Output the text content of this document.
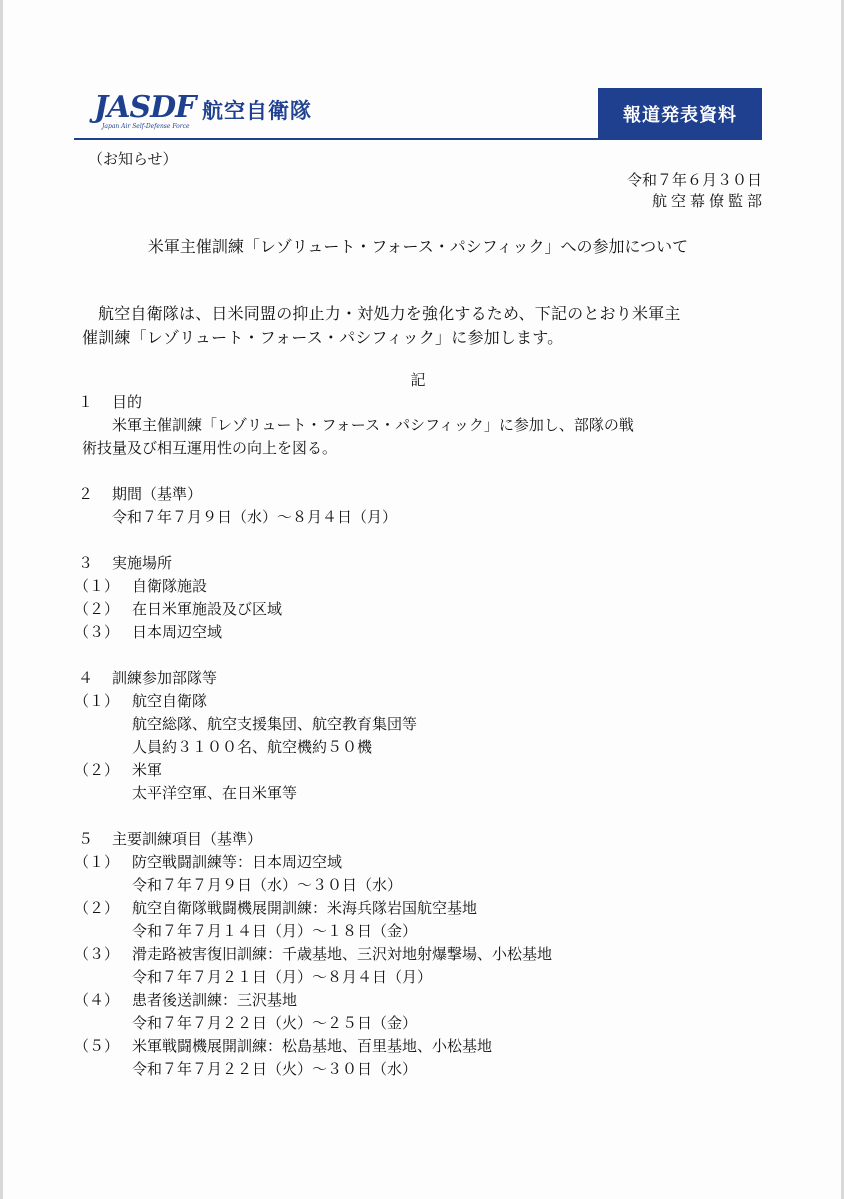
JASDF
Japan Air Self-Defense Force
航空自衛隊	報道発表資料
（お知らせ）
令和７年６月３０日
航空幕僚監部
米軍主催訓練「レゾリュート・フォース・パシフィック」への参加について

航空自衛隊は、日米同盟の抑止力・対処力を強化するため、下記のとおり米軍主

催訓練「レゾリュート・フォース・パシフィック」に参加します。
記
１ 目的
米軍主催訓練「レゾリュート・フォース・パシフィック」に参加し、部隊の戦
術技量及び相互運用性の向上を図る。
２ 期間（基準）
令和７年７月９日（水）～８月４日（月）
３ 実施場所
（１） 自衛隊施設
（２） 在日米軍施設及び区域
（３） 日本周辺空域
４ 訓練参加部隊等
（１） 航空自衛隊
航空総隊、航空支援集団、航空教育集団等
人員約３１００名、航空機約５０機
（２） 米軍
太平洋空軍、在日米軍等
５ 主要訓練項目（基準）
（１） 防空戦闘訓練等：日本周辺空域
令和７年７月９日（水）～３０日（水）
（２） 航空自衛隊戦闘機展開訓練：米海兵隊岩国航空基地
令和７年７月１４日（月）～１８日（金）
（３） 滑走路被害復旧訓練：千歳基地、三沢対地射爆撃場、小松基地
令和７年７月２１日（月）～８月４日（月）
（４） 患者後送訓練：三沢基地
令和７年７月２２日（火）～２５日（金）
（５） 米軍戦闘機展開訓練：松島基地、百里基地、小松基地
令和７年７月２２日（火）～３０日（水）
